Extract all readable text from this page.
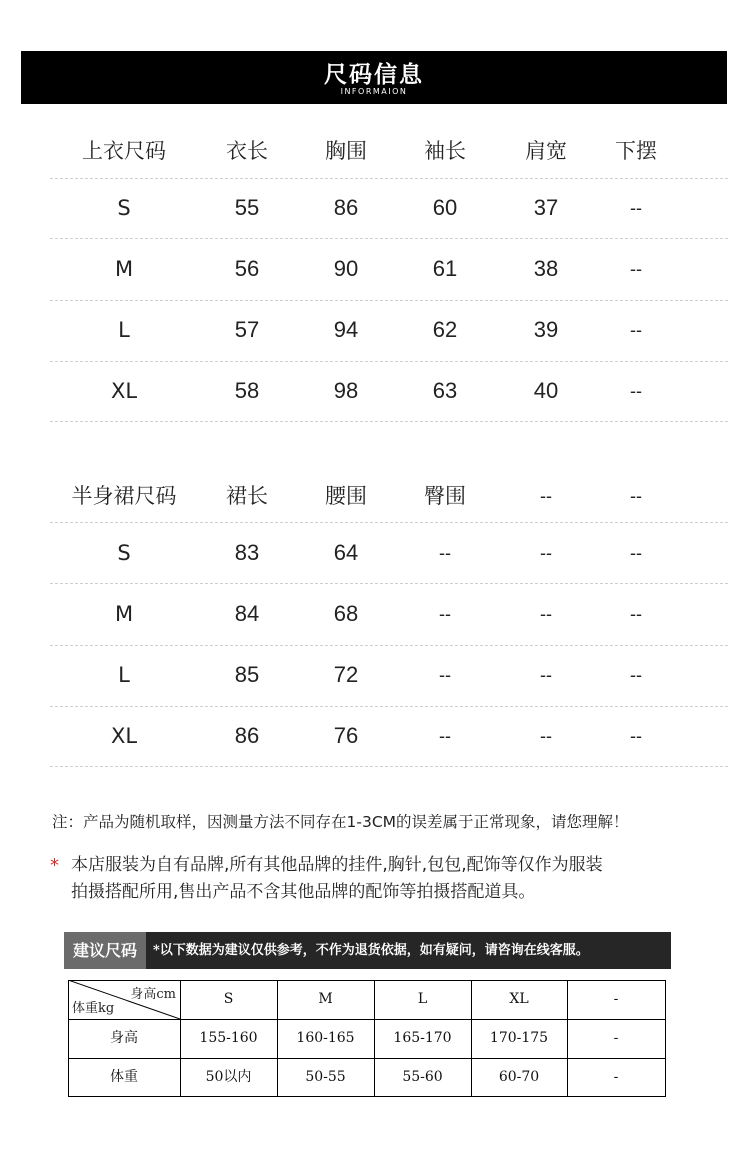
尺码信息
INFORMAION
上衣尺码	衣长	胸围	袖长	肩宽	下摆
S	55	86	60	37	--
M	56	90	61	38	--
L	57	94	62	39	--
XL	58	98	63	40	--
半身裙尺码	裙长	腰围	臀围	--	--
S	83	64	--	--	--
M	84	68	--	--	--
L	85	72	--	--	--
XL	86	76	--	--	--
注：产品为随机取样，因测量方法不同存在1-3CM的误差属于正常现象，请您理解！
* 本店服装为自有品牌,所有其他品牌的挂件,胸针,包包,配饰等仅作为服装
拍摄搭配所用,售出产品不含其他品牌的配饰等拍摄搭配道具。
建议尺码	*以下数据为建议仅供参考，不作为退货依据，如有疑问，请咨询在线客服。
身高cm
体重kg
S	M	L	XL	-
身高	155-160	160-165	165-170	170-175	-
体重	50以内	50-55	55-60	60-70	-
